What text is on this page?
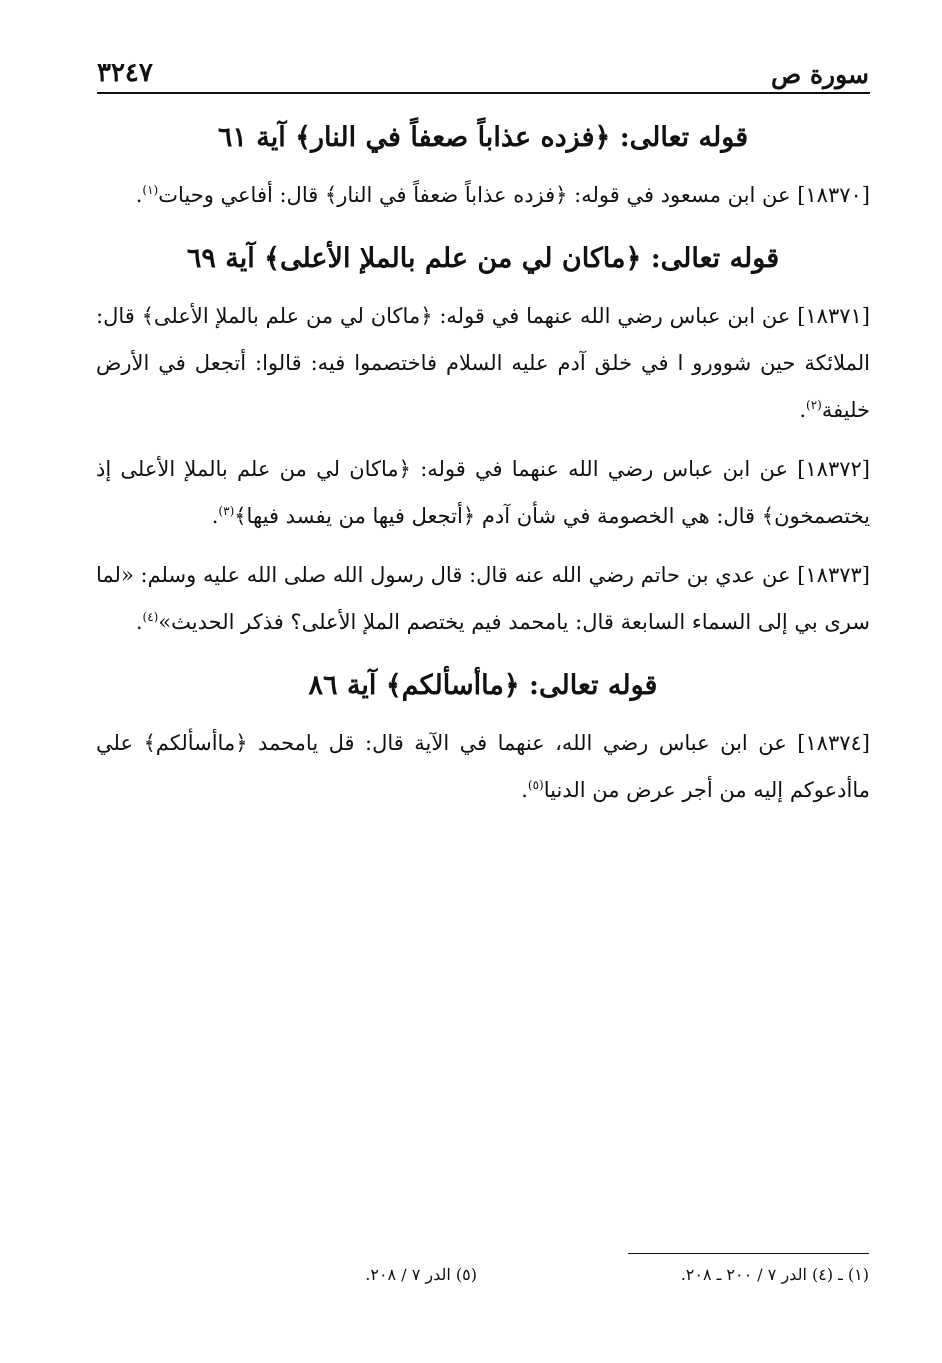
سورة ص
٣٢٤٧
قوله تعالى: ﴿فزده عذاباً صعفاً في النار﴾ آية ٦١

[١٨٣٧٠] عن ابن مسعود في قوله: ﴿فزده عذاباً ضعفاً في النار﴾ قال: أفاعي وحيات$^{(١)}$.

قوله تعالى: ﴿ماكان لي من علم بالملإ الأعلى﴾ آية ٦٩

[١٨٣٧١] عن ابن عباس رضي الله عنهما في قوله: ﴿ماكان لي من علم بالملإ الأعلى﴾ قال: الملائكة حين شوورو ا في خلق آدم عليه السلام فاختصموا فيه: قالوا: أتجعل في الأرض خليفة$^{(٢)}$.

[١٨٣٧٢] عن ابن عباس رضي الله عنهما في قوله: ﴿ماكان لي من علم بالملإ الأعلى إذ يختصمخون﴾ قال: هي الخصومة في شأن آدم ﴿أتجعل فيها من يفسد فيها﴾$^{(٣)}$.

[١٨٣٧٣] عن عدي بن حاتم رضي الله عنه قال: قال رسول الله صلى الله عليه وسلم: «لما سرى بي إلى السماء السابعة قال: يامحمد فيم يختصم الملإ الأعلى؟ فذكر الحديث»$^{(٤)}$.

قوله تعالى: ﴿ماأسألكم﴾ آية ٨٦

[١٨٣٧٤] عن ابن عباس رضي الله، عنهما في الآية قال: قل يامحمد ﴿ماأسألكم﴾ علي ماأدعوكم إليه من أجر عرض من الدنيا$^{(٥)}$.

(١) ـ (٤) الدر ٧ / ٢٠٠ ـ ٢٠٨.
(٥) الدر ٧ / ٢٠٨.
